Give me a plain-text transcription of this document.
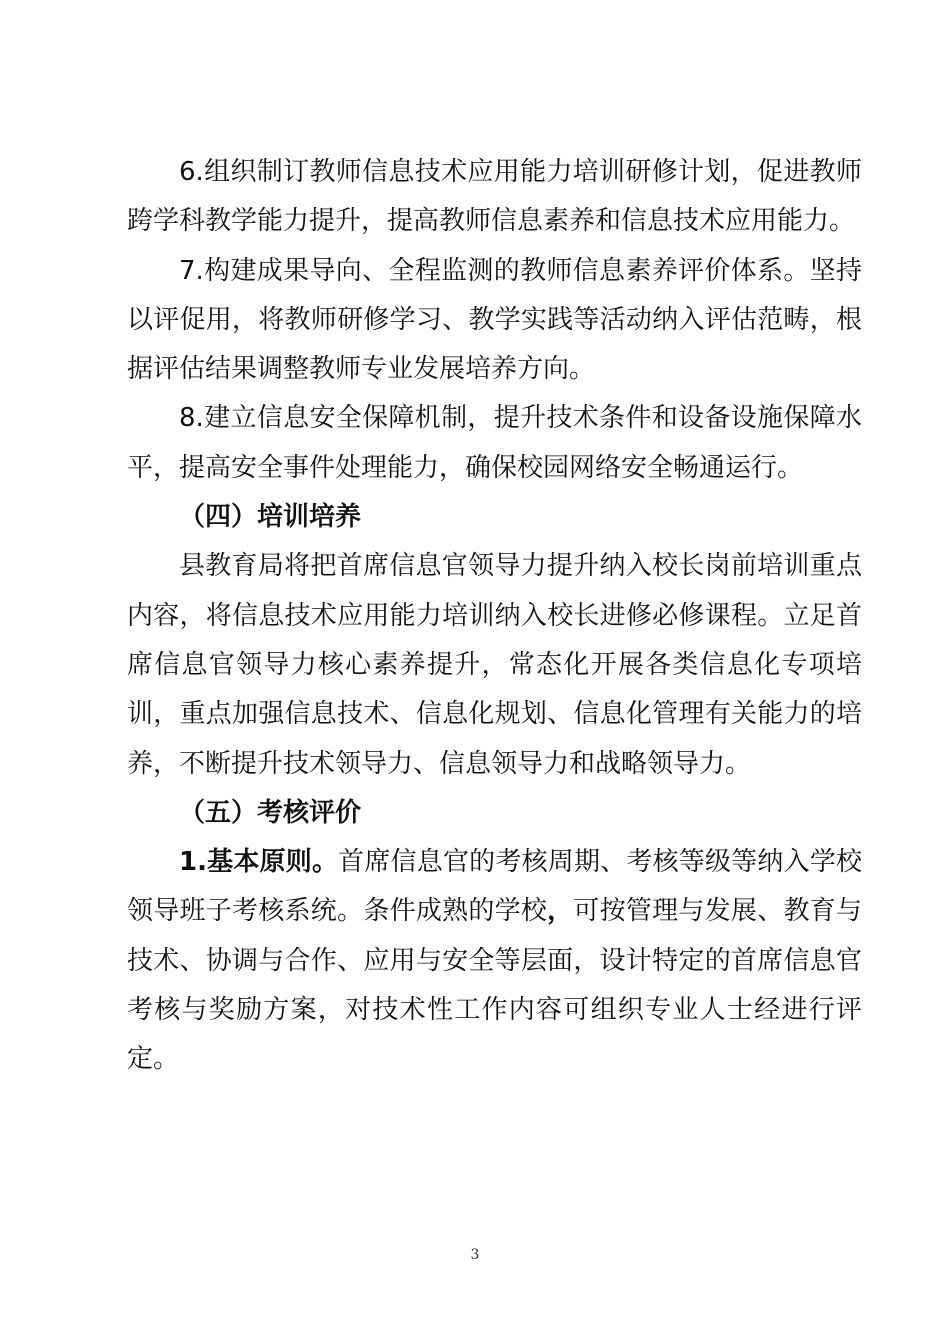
6.组织制订教师信息技术应用能力培训研修计划，促进教师跨学科教学能力提升，提高教师信息素养和信息技术应用能力。

7.构建成果导向、全程监测的教师信息素养评价体系。坚持以评促用，将教师研修学习、教学实践等活动纳入评估范畴，根据评估结果调整教师专业发展培养方向。

8.建立信息安全保障机制，提升技术条件和设备设施保障水平，提高安全事件处理能力，确保校园网络安全畅通运行。

（四）培训培养

县教育局将把首席信息官领导力提升纳入校长岗前培训重点内容，将信息技术应用能力培训纳入校长进修必修课程。立足首席信息官领导力核心素养提升，常态化开展各类信息化专项培训，重点加强信息技术、信息化规划、信息化管理有关能力的培养，不断提升技术领导力、信息领导力和战略领导力。

（五）考核评价

1.基本原则。首席信息官的考核周期、考核等级等纳入学校领导班子考核系统。条件成熟的学校，可按管理与发展、教育与技术、协调与合作、应用与安全等层面，设计特定的首席信息官考核与奖励方案，对技术性工作内容可组织专业人士经进行评定。

3
